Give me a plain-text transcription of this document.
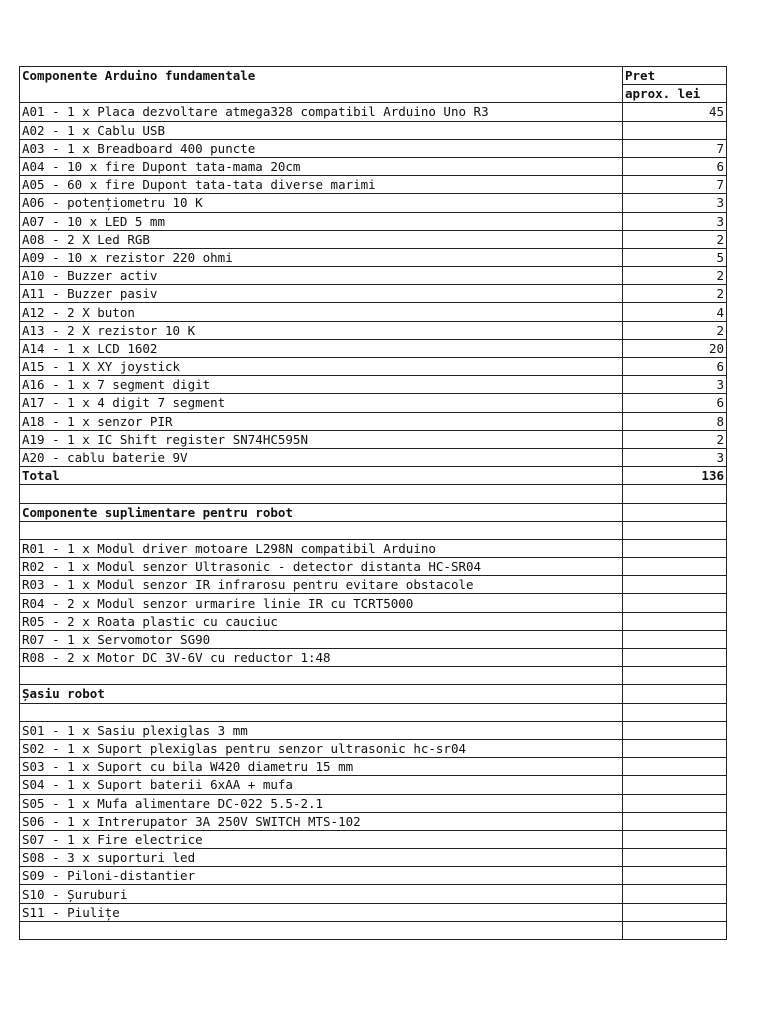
Componente Arduino fundamentale	Pret
	aprox. lei
A01 - 1 x Placa dezvoltare atmega328 compatibil Arduino Uno R3	45
A02 - 1 x Cablu USB	
A03 - 1 x Breadboard 400 puncte	7
A04 - 10 x fire Dupont tata-mama 20cm	6
A05 - 60 x fire Dupont tata-tata diverse marimi	7
A06 - potențiometru 10 K	3
A07 - 10 x LED 5 mm	3
A08 - 2 X Led RGB	2
A09 - 10 x rezistor 220 ohmi	5
A10 - Buzzer activ	2
A11 - Buzzer pasiv	2
A12 - 2 X buton	4
A13 - 2 X rezistor 10 K	2
A14 - 1 x LCD 1602	20
A15 - 1 X XY joystick	6
A16 - 1 x 7 segment digit	3
A17 - 1 x 4 digit 7 segment	6
A18 - 1 x senzor PIR	8
A19 - 1 x IC Shift register SN74HC595N	2
A20 - cablu baterie 9V	3
Total	136

Componente suplimentare pentru robot	

R01 - 1 x Modul driver motoare L298N compatibil Arduino	
R02 - 1 x Modul senzor Ultrasonic - detector distanta HC-SR04	
R03 - 1 x Modul senzor IR infrarosu pentru evitare obstacole	
R04 - 2 x Modul senzor urmarire linie IR cu TCRT5000	
R05 - 2 x Roata plastic cu cauciuc	
R07 - 1 x Servomotor SG90	
R08 - 2 x Motor DC 3V-6V cu reductor 1:48	

Șasiu robot	

S01 - 1 x Sasiu plexiglas 3 mm	
S02 - 1 x Suport plexiglas pentru senzor ultrasonic hc-sr04	
S03 - 1 x Suport cu bila W420 diametru 15 mm	
S04 - 1 x Suport baterii 6xAA + mufa	
S05 - 1 x Mufa alimentare DC-022 5.5-2.1	
S06 - 1 x Intrerupator 3A 250V SWITCH MTS-102	
S07 - 1 x Fire electrice	
S08 - 3 x suporturi led	
S09 - Piloni-distantier	
S10 - Șuruburi	
S11 - Piulițe	
